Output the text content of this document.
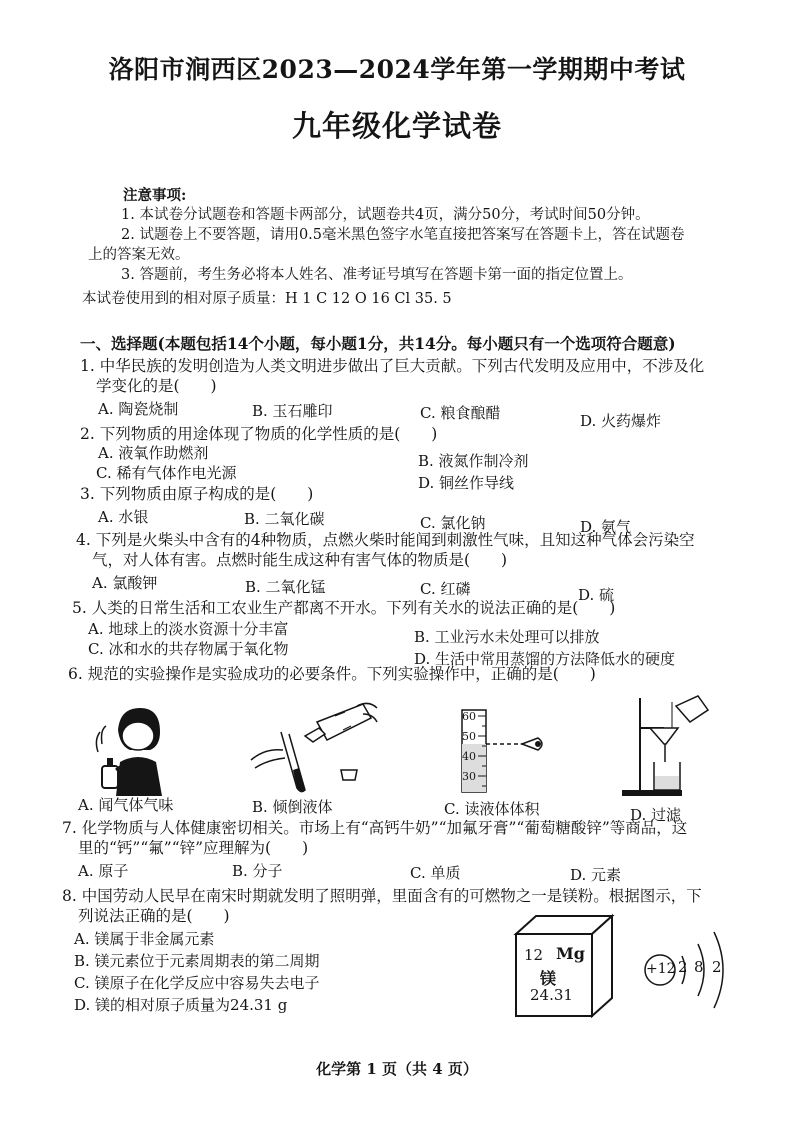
洛阳市涧西区2023—2024学年第一学期期中考试
九年级化学试卷
注意事项:
1. 本试卷分试题卷和答题卡两部分，试题卷共4页，满分50分，考试时间50分钟。
2. 试题卷上不要答题，请用0.5毫米黑色签字水笔直接把答案写在答题卡上，答在试题卷
上的答案无效。
3. 答题前，考生务必将本人姓名、准考证号填写在答题卡第一面的指定位置上。
本试卷使用到的相对原子质量：H 1 C 12 O 16 Cl 35. 5
一、选择题(本题包括14个小题，每小题1分，共14分。每小题只有一个选项符合题意)
1. 中华民族的发明创造为人类文明进步做出了巨大贡献。下列古代发明及应用中，不涉及化
学变化的是(　　)
A. 陶瓷烧制	B. 玉石雕印	C. 粮食酿醋	D. 火药爆炸
2. 下列物质的用途体现了物质的化学性质的是(　　)
A. 液氧作助燃剂	B. 液氮作制冷剂
C. 稀有气体作电光源
D. 铜丝作导线
3. 下列物质由原子构成的是(　　)
A. 水银	B. 二氧化碳	C. 氯化钠	D. 氨气
4. 下列是火柴头中含有的4种物质，点燃火柴时能闻到刺激性气味，且知这种气体会污染空
气，对人体有害。点燃时能生成这种有害气体的物质是(　　)
A. 氯酸钾	B. 二氧化锰	C. 红磷	D. 硫
5. 人类的日常生活和工农业生产都离不开水。下列有关水的说法正确的是(　　)
A. 地球上的淡水资源十分丰富	B. 工业污水未处理可以排放
C. 冰和水的共存物属于氧化物
D. 生活中常用蒸馏的方法降低水的硬度
6. 规范的实验操作是实验成功的必要条件。下列实验操作中，正确的是(　　)
60
50
40
30
A. 闻气体气味	B. 倾倒液体	C. 读液体体积	D. 过滤
7. 化学物质与人体健康密切相关。市场上有“高钙牛奶”“加氟牙膏”“葡萄糖酸锌”等商品，这
里的“钙”“氟”“锌”应理解为(　　)
A. 原子	B. 分子	C. 单质	D. 元素
8. 中国劳动人民早在南宋时期就发明了照明弹，里面含有的可燃物之一是镁粉。根据图示，下
列说法正确的是(　　)
A. 镁属于非金属元素
B. 镁元素位于元素周期表的第二周期
C. 镁原子在化学反应中容易失去电子
D. 镁的相对原子质量为24.31 g
12 Mg
镁
24.31
+12 2 8 2
化学第 1 页（共 4 页）
